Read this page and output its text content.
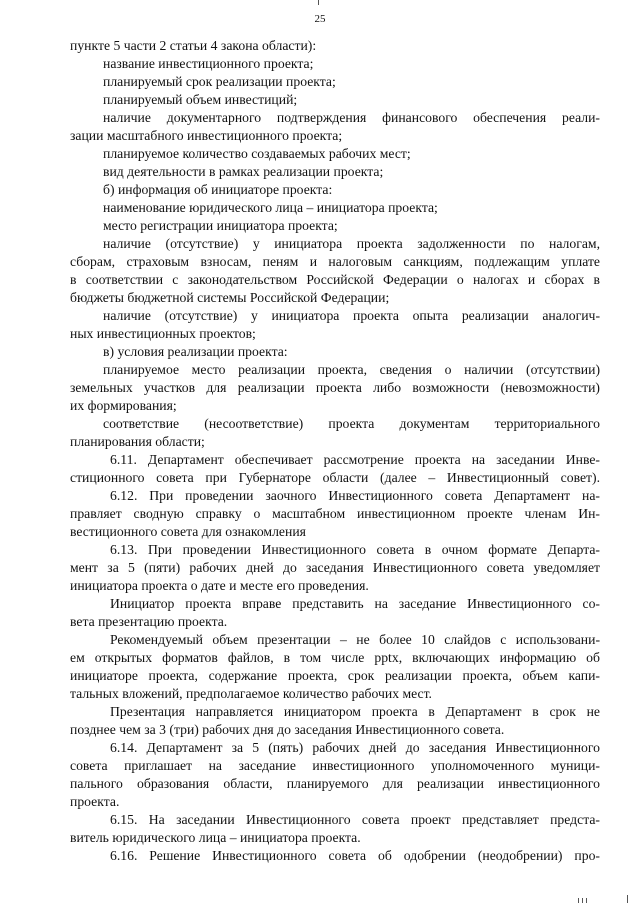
25
пункте 5 части 2 статьи 4 закона области):
название инвестиционного проекта;
планируемый срок реализации проекта;
планируемый объем инвестиций;
наличие документарного подтверждения финансового обеспечения реали-
зации масштабного инвестиционного проекта;
планируемое количество создаваемых рабочих мест;
вид деятельности в рамках реализации проекта;
б) информация об инициаторе проекта:
наименование юридического лица – инициатора проекта;
место регистрации инициатора проекта;
наличие (отсутствие) у инициатора проекта задолженности по налогам,
сборам, страховым взносам, пеням и налоговым санкциям, подлежащим уплате
в соответствии с законодательством Российской Федерации о налогах и сборах в
бюджеты бюджетной системы Российской Федерации;
наличие (отсутствие) у инициатора проекта опыта реализации аналогич-
ных инвестиционных проектов;
в) условия реализации проекта:
планируемое место реализации проекта, сведения о наличии (отсутствии)
земельных участков для реализации проекта либо возможности (невозможности)
их формирования;
соответствие (несоответствие) проекта документам территориального
планирования области;
6.11. Департамент обеспечивает рассмотрение проекта на заседании Инве-
стиционного совета при Губернаторе области (далее – Инвестиционный совет).
6.12. При проведении заочного Инвестиционного совета Департамент на-
правляет сводную справку о масштабном инвестиционном проекте членам Ин-
вестиционного совета для ознакомления
6.13. При проведении Инвестиционного совета в очном формате Департа-
мент за 5 (пяти) рабочих дней до заседания Инвестиционного совета уведомляет
инициатора проекта о дате и месте его проведения.
Инициатор проекта вправе представить на заседание Инвестиционного со-
вета презентацию проекта.
Рекомендуемый объем презентации – не более 10 слайдов с использовани-
ем открытых форматов файлов, в том числе pptx, включающих информацию об
инициаторе проекта, содержание проекта, срок реализации проекта, объем капи-
тальных вложений, предполагаемое количество рабочих мест.
Презентация направляется инициатором проекта в Департамент в срок не
позднее чем за 3 (три) рабочих дня до заседания Инвестиционного совета.
6.14. Департамент за 5 (пять) рабочих дней до заседания Инвестиционного
совета приглашает на заседание инвестиционного уполномоченного муници-
пального образования области, планируемого для реализации инвестиционного
проекта.
6.15. На заседании Инвестиционного совета проект представляет предста-
витель юридического лица – инициатора проекта.
6.16. Решение Инвестиционного совета об одобрении (неодобрении) про-
